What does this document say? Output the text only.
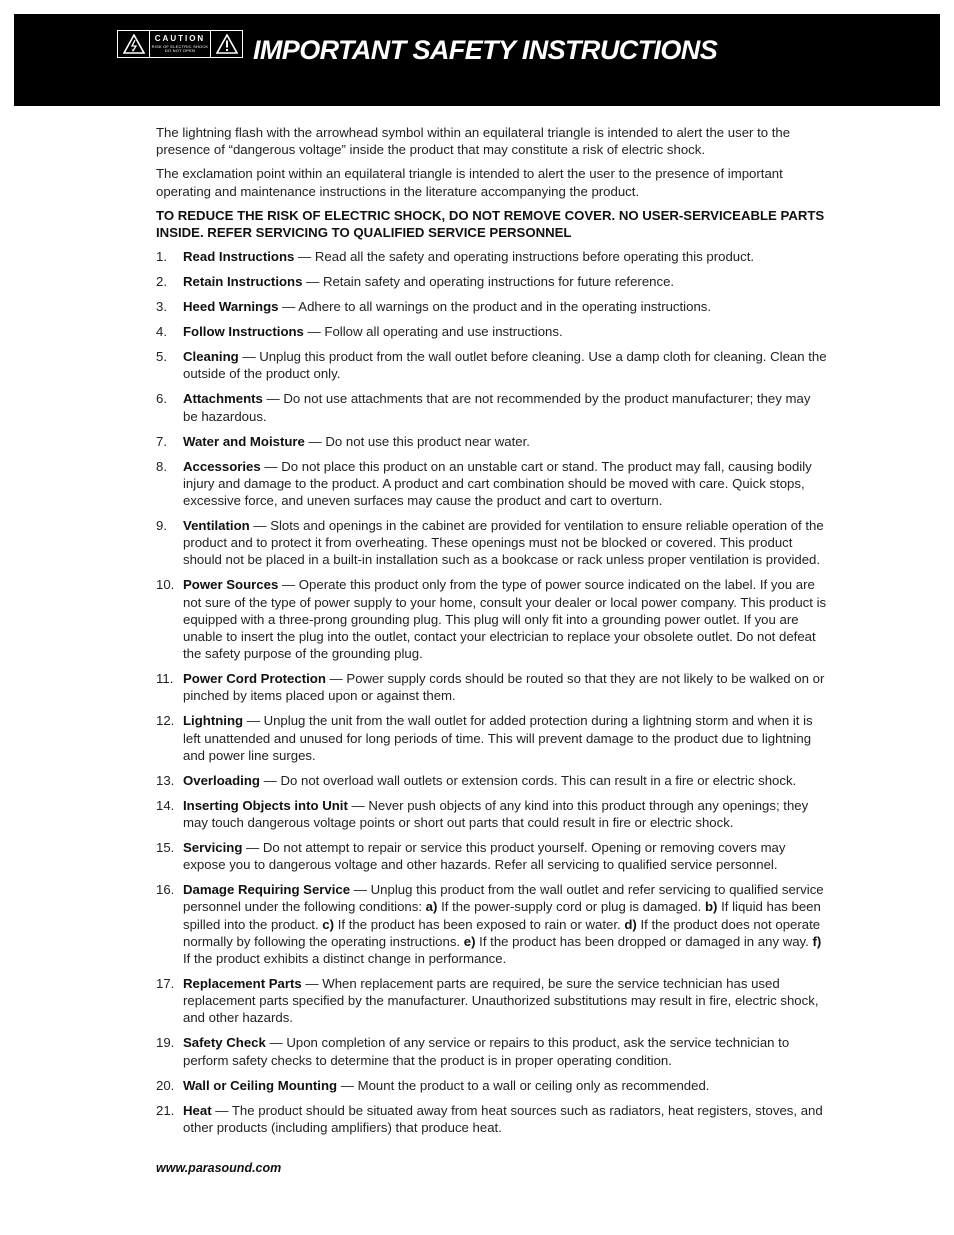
CAUTION
RISK OF ELECTRIC SHOCK
DO NOT OPEN IMPORTANT SAFETY INSTRUCTIONS

The lightning flash with the arrowhead symbol within an equilateral triangle is intended to alert the user to the presence of “dangerous voltage” inside the product that may constitute a risk of electric shock.

The exclamation point within an equilateral triangle is intended to alert the user to the presence of important operating and maintenance instructions in the literature accompanying the product.

TO REDUCE THE RISK OF ELECTRIC SHOCK, DO NOT REMOVE COVER. NO USER-SERVICEABLE PARTS INSIDE. REFER SERVICING TO QUALIFIED SERVICE PERSONNEL

1. Read Instructions — Read all the safety and operating instructions before operating this product.
2. Retain Instructions — Retain safety and operating instructions for future reference.
3. Heed Warnings — Adhere to all warnings on the product and in the operating instructions.
4. Follow Instructions — Follow all operating and use instructions.
5. Cleaning — Unplug this product from the wall outlet before cleaning. Use a damp cloth for cleaning. Clean the outside of the product only.
6. Attachments — Do not use attachments that are not recommended by the product manufacturer; they may be hazardous.
7. Water and Moisture — Do not use this product near water.
8. Accessories — Do not place this product on an unstable cart or stand. The product may fall, causing bodily injury and damage to the product. A product and cart combination should be moved with care. Quick stops, excessive force, and uneven surfaces may cause the product and cart to overturn.
9. Ventilation — Slots and openings in the cabinet are provided for ventilation to ensure reliable operation of the product and to protect it from overheating. These openings must not be blocked or covered. This product should not be placed in a built-in installation such as a bookcase or rack unless proper ventilation is provided.
10. Power Sources — Operate this product only from the type of power source indicated on the label. If you are not sure of the type of power supply to your home, consult your dealer or local power company. This product is equipped with a three-prong grounding plug. This plug will only fit into a grounding power outlet. If you are unable to insert the plug into the outlet, contact your electrician to replace your obsolete outlet. Do not defeat the safety purpose of the grounding plug.
11. Power Cord Protection — Power supply cords should be routed so that they are not likely to be walked on or pinched by items placed upon or against them.
12. Lightning — Unplug the unit from the wall outlet for added protection during a lightning storm and when it is left unattended and unused for long periods of time. This will prevent damage to the product due to lightning and power line surges.
13. Overloading — Do not overload wall outlets or extension cords. This can result in a fire or electric shock.
14. Inserting Objects into Unit — Never push objects of any kind into this product through any openings; they may touch dangerous voltage points or short out parts that could result in fire or electric shock.
15. Servicing — Do not attempt to repair or service this product yourself. Opening or removing covers may expose you to dangerous voltage and other hazards. Refer all servicing to qualified service personnel.
16. Damage Requiring Service — Unplug this product from the wall outlet and refer servicing to qualified service personnel under the following conditions: a) If the power-supply cord or plug is damaged. b) If liquid has been spilled into the product. c) If the product has been exposed to rain or water. d) If the product does not operate normally by following the operating instructions. e) If the product has been dropped or damaged in any way. f) If the product exhibits a distinct change in performance.
17. Replacement Parts — When replacement parts are required, be sure the service technician has used replacement parts specified by the manufacturer. Unauthorized substitutions may result in fire, electric shock, and other hazards.
19. Safety Check — Upon completion of any service or repairs to this product, ask the service technician to perform safety checks to determine that the product is in proper operating condition.
20. Wall or Ceiling Mounting — Mount the product to a wall or ceiling only as recommended.
21. Heat — The product should be situated away from heat sources such as radiators, heat registers, stoves, and other products (including amplifiers) that produce heat.
www.parasound.com
